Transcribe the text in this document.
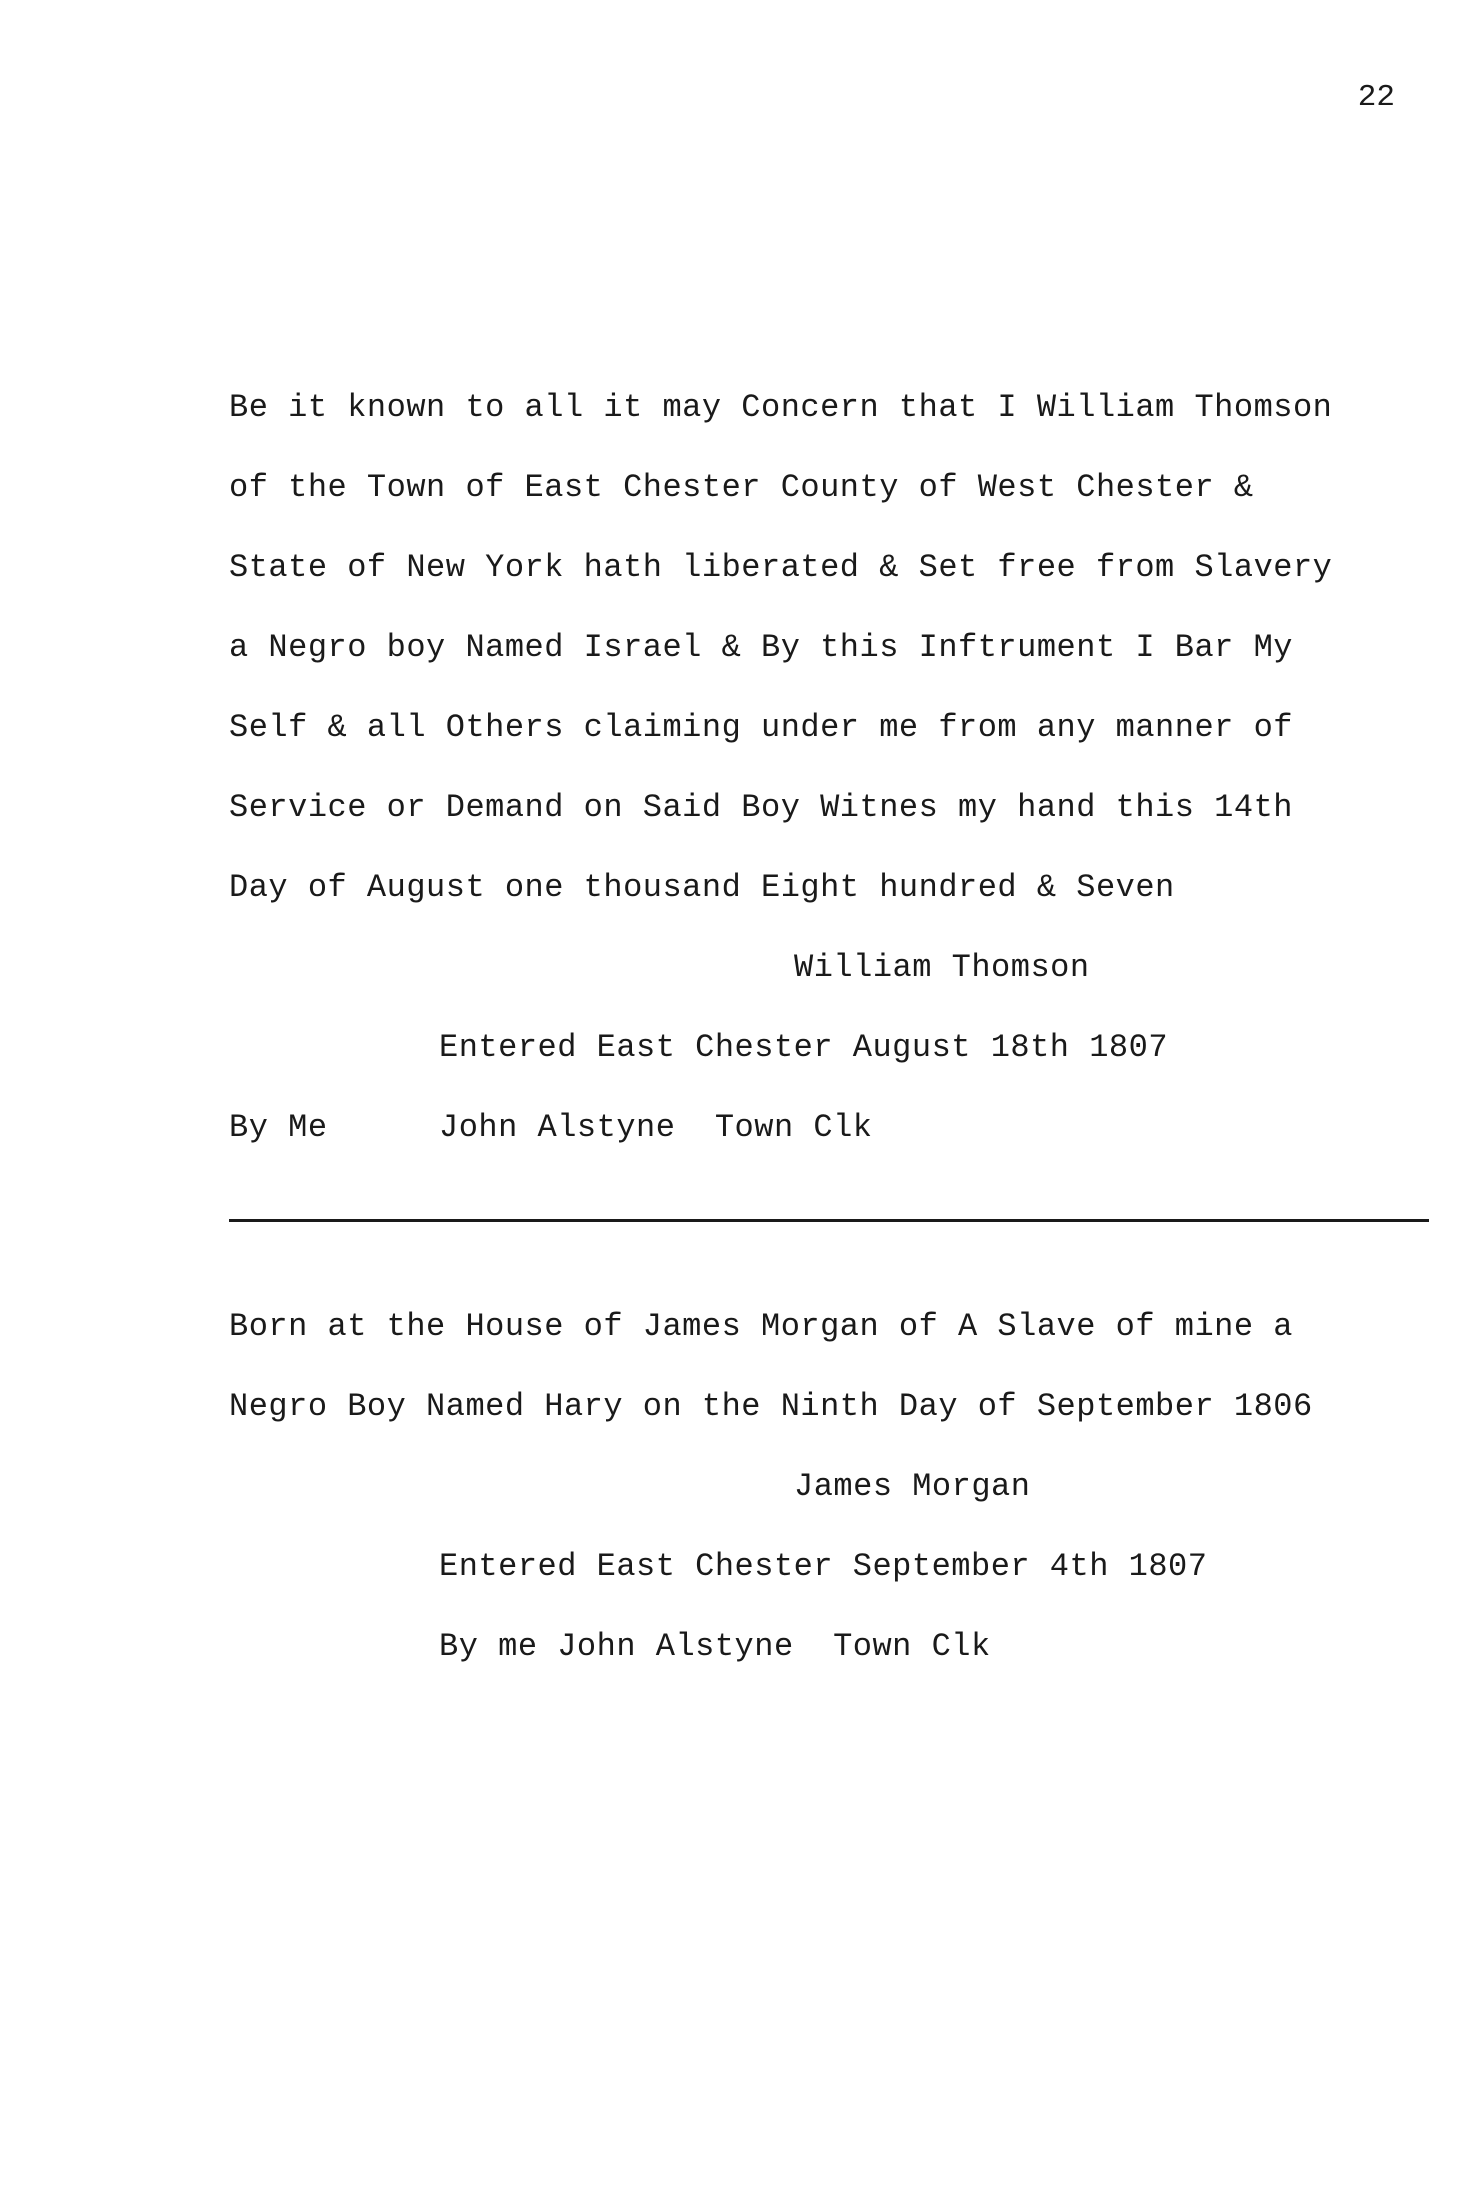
22
Be it known to all it may Concern that I William Thomson
of the Town of East Chester County of West Chester &
State of New York hath liberated & Set free from Slavery
a Negro boy Named Israel & By this Inftrument I Bar My
Self & all Others claiming under me from any manner of
Service or Demand on Said Boy Witnes my hand this 14th
Day of August one thousand Eight hundred & Seven
William Thomson
Entered East Chester August 18th 1807

By Me

	John Alstyne  Town Clk

Born at the House of James Morgan of A Slave of mine a
Negro Boy Named Hary on the Ninth Day of September 1806
James Morgan
Entered East Chester September 4th 1807
By me John Alstyne  Town Clk
